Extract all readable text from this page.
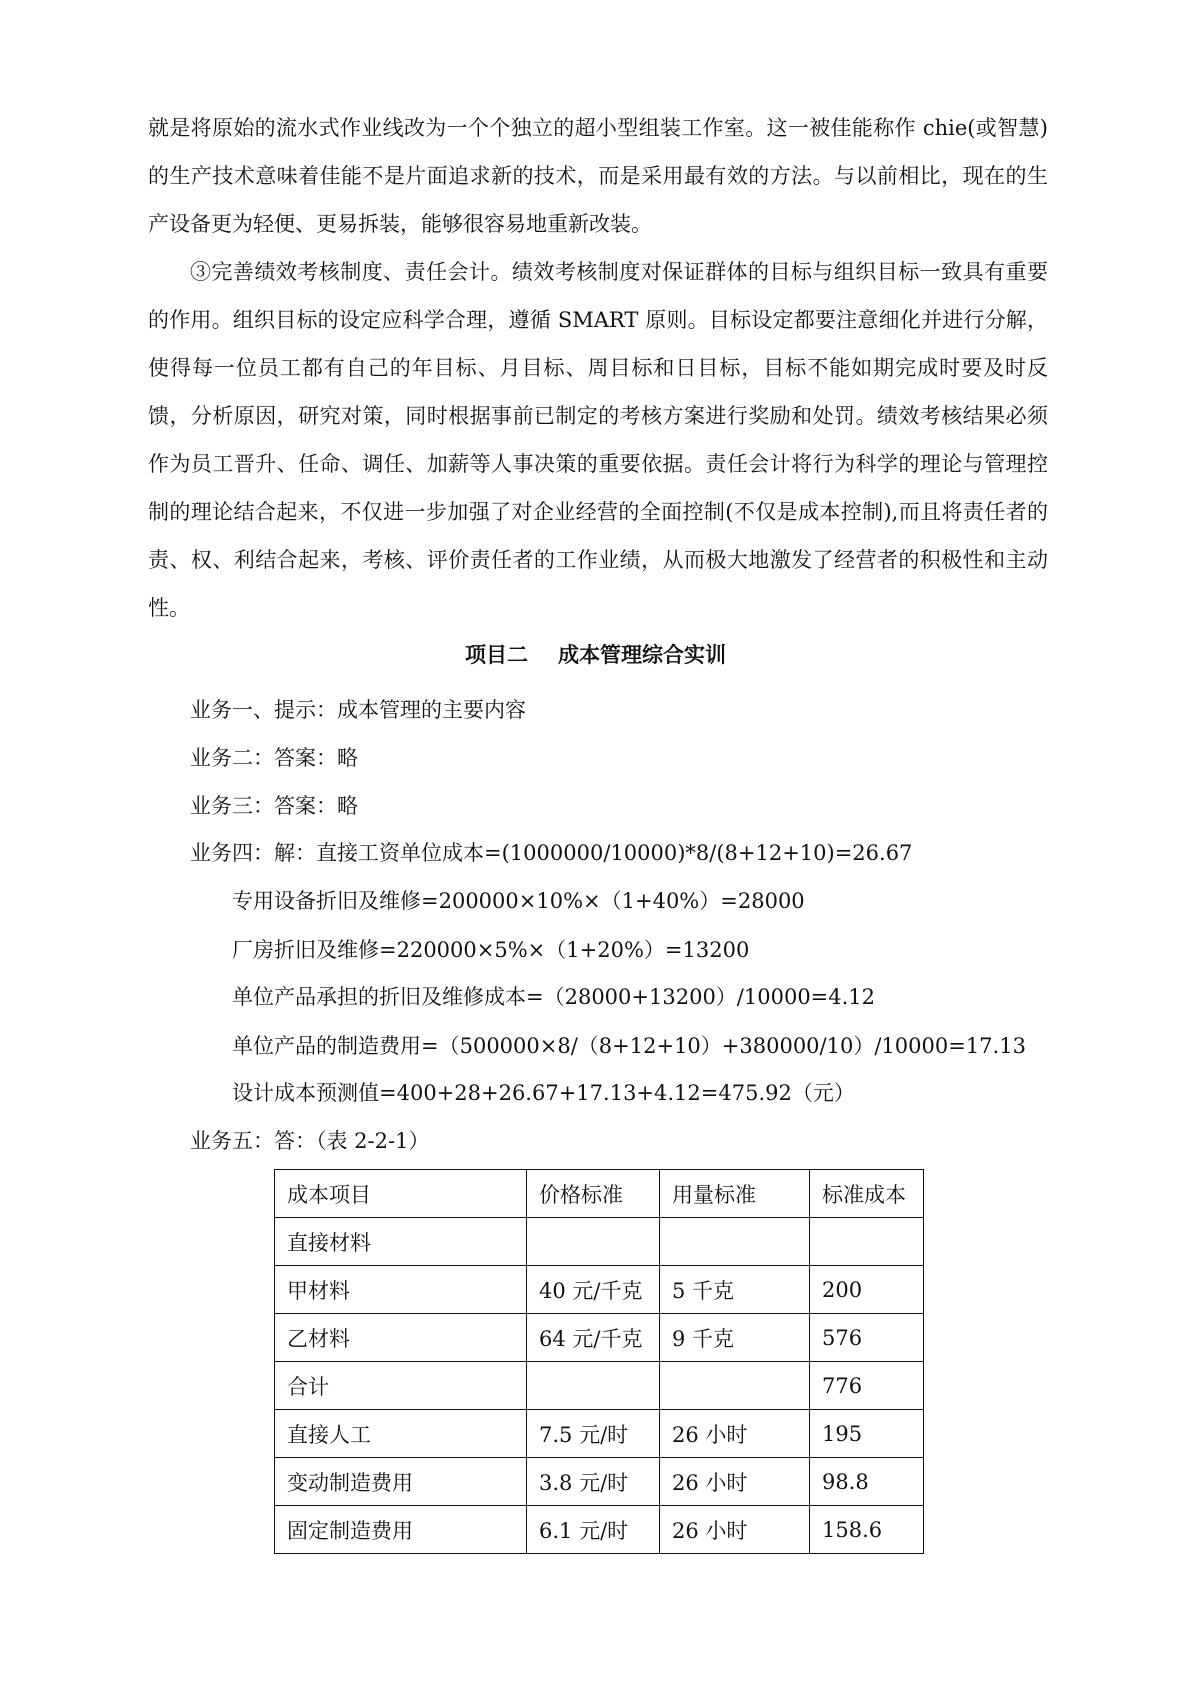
就是将原始的流水式作业线改为一个个独立的超小型组装工作室。这一被佳能称作 chie(或智慧)的生产技术意味着佳能不是片面追求新的技术，而是采用最有效的方法。与以前相比，现在的生产设备更为轻便、更易拆装，能够很容易地重新改装。

③完善绩效考核制度、责任会计。绩效考核制度对保证群体的目标与组织目标一致具有重要的作用。组织目标的设定应科学合理，遵循 SMART 原则。目标设定都要注意细化并进行分解，使得每一位员工都有自己的年目标、月目标、周目标和日目标，目标不能如期完成时要及时反馈，分析原因，研究对策，同时根据事前已制定的考核方案进行奖励和处罚。绩效考核结果必须作为员工晋升、任命、调任、加薪等人事决策的重要依据。责任会计将行为科学的理论与管理控制的理论结合起来，不仅进一步加强了对企业经营的全面控制(不仅是成本控制),而且将责任者的责、权、利结合起来，考核、评价责任者的工作业绩，从而极大地激发了经营者的积极性和主动性。

项目二 成本管理综合实训

业务一、提示：成本管理的主要内容

业务二：答案：略

业务三：答案：略

业务四：解：直接工资单位成本=(1000000/10000)*8/(8+12+10)=26.67

专用设备折旧及维修=200000×10%×（1+40%）=28000

厂房折旧及维修=220000×5%×（1+20%）=13200

单位产品承担的折旧及维修成本=（28000+13200）/10000=4.12

单位产品的制造费用=（500000×8/（8+12+10）+380000/10）/10000=17.13

设计成本预测值=400+28+26.67+17.13+4.12=475.92（元）

业务五：答：（表 2-2-1）

成本项目	价格标准	用量标准	标准成本
直接材料			
甲材料	40 元/千克	5 千克	200
乙材料	64 元/千克	9 千克	576
合计			776
直接人工	7.5 元/时	26 小时	195
变动制造费用	3.8 元/时	26 小时	98.8
固定制造费用	6.1 元/时	26 小时	158.6
